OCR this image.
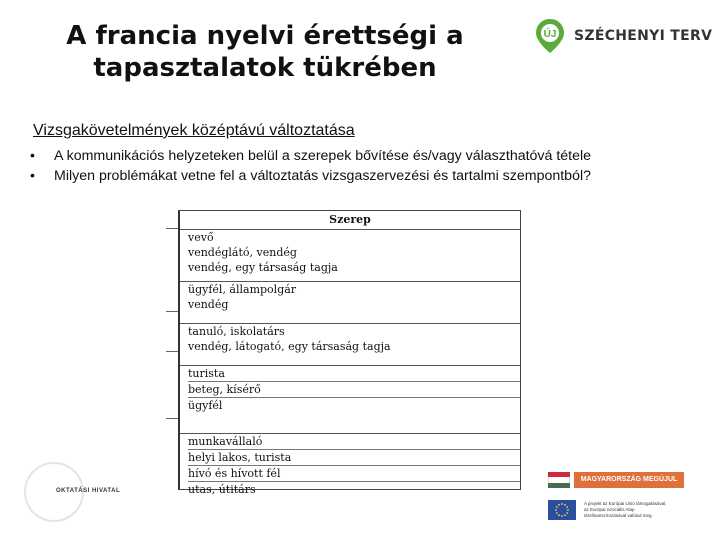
A francia nyelvi érettségi a
tapasztalatok tükrében
ÚJ SZÉCHENYI TERV
Vizsgakövetelmények középtávú változtatása
• A kommunikációs helyzeteken belül a szerepek bővítése és/vagy választhatóvá tétele
• Milyen problémákat vetne fel a változtatás vizsgaszervezési és tartalmi szempontból?
Szerep
vevő
vendéglátó, vendég
vendég, egy társaság tagja
ügyfél, állampolgár
vendég
tanuló, iskolatárs
vendég, látogató, egy társaság tagja
turista
beteg, kísérő
ügyfél
munkavállaló
helyi lakos, turista
hívó és hívott fél
utas, útitárs
OKTATÁSI HIVATAL
MAGYARORSZÁG MEGÚJUL
A projekt az Európai Unió támogatásával,
az Európai Szociális Alap
társfinanszírozásával valósul meg.
